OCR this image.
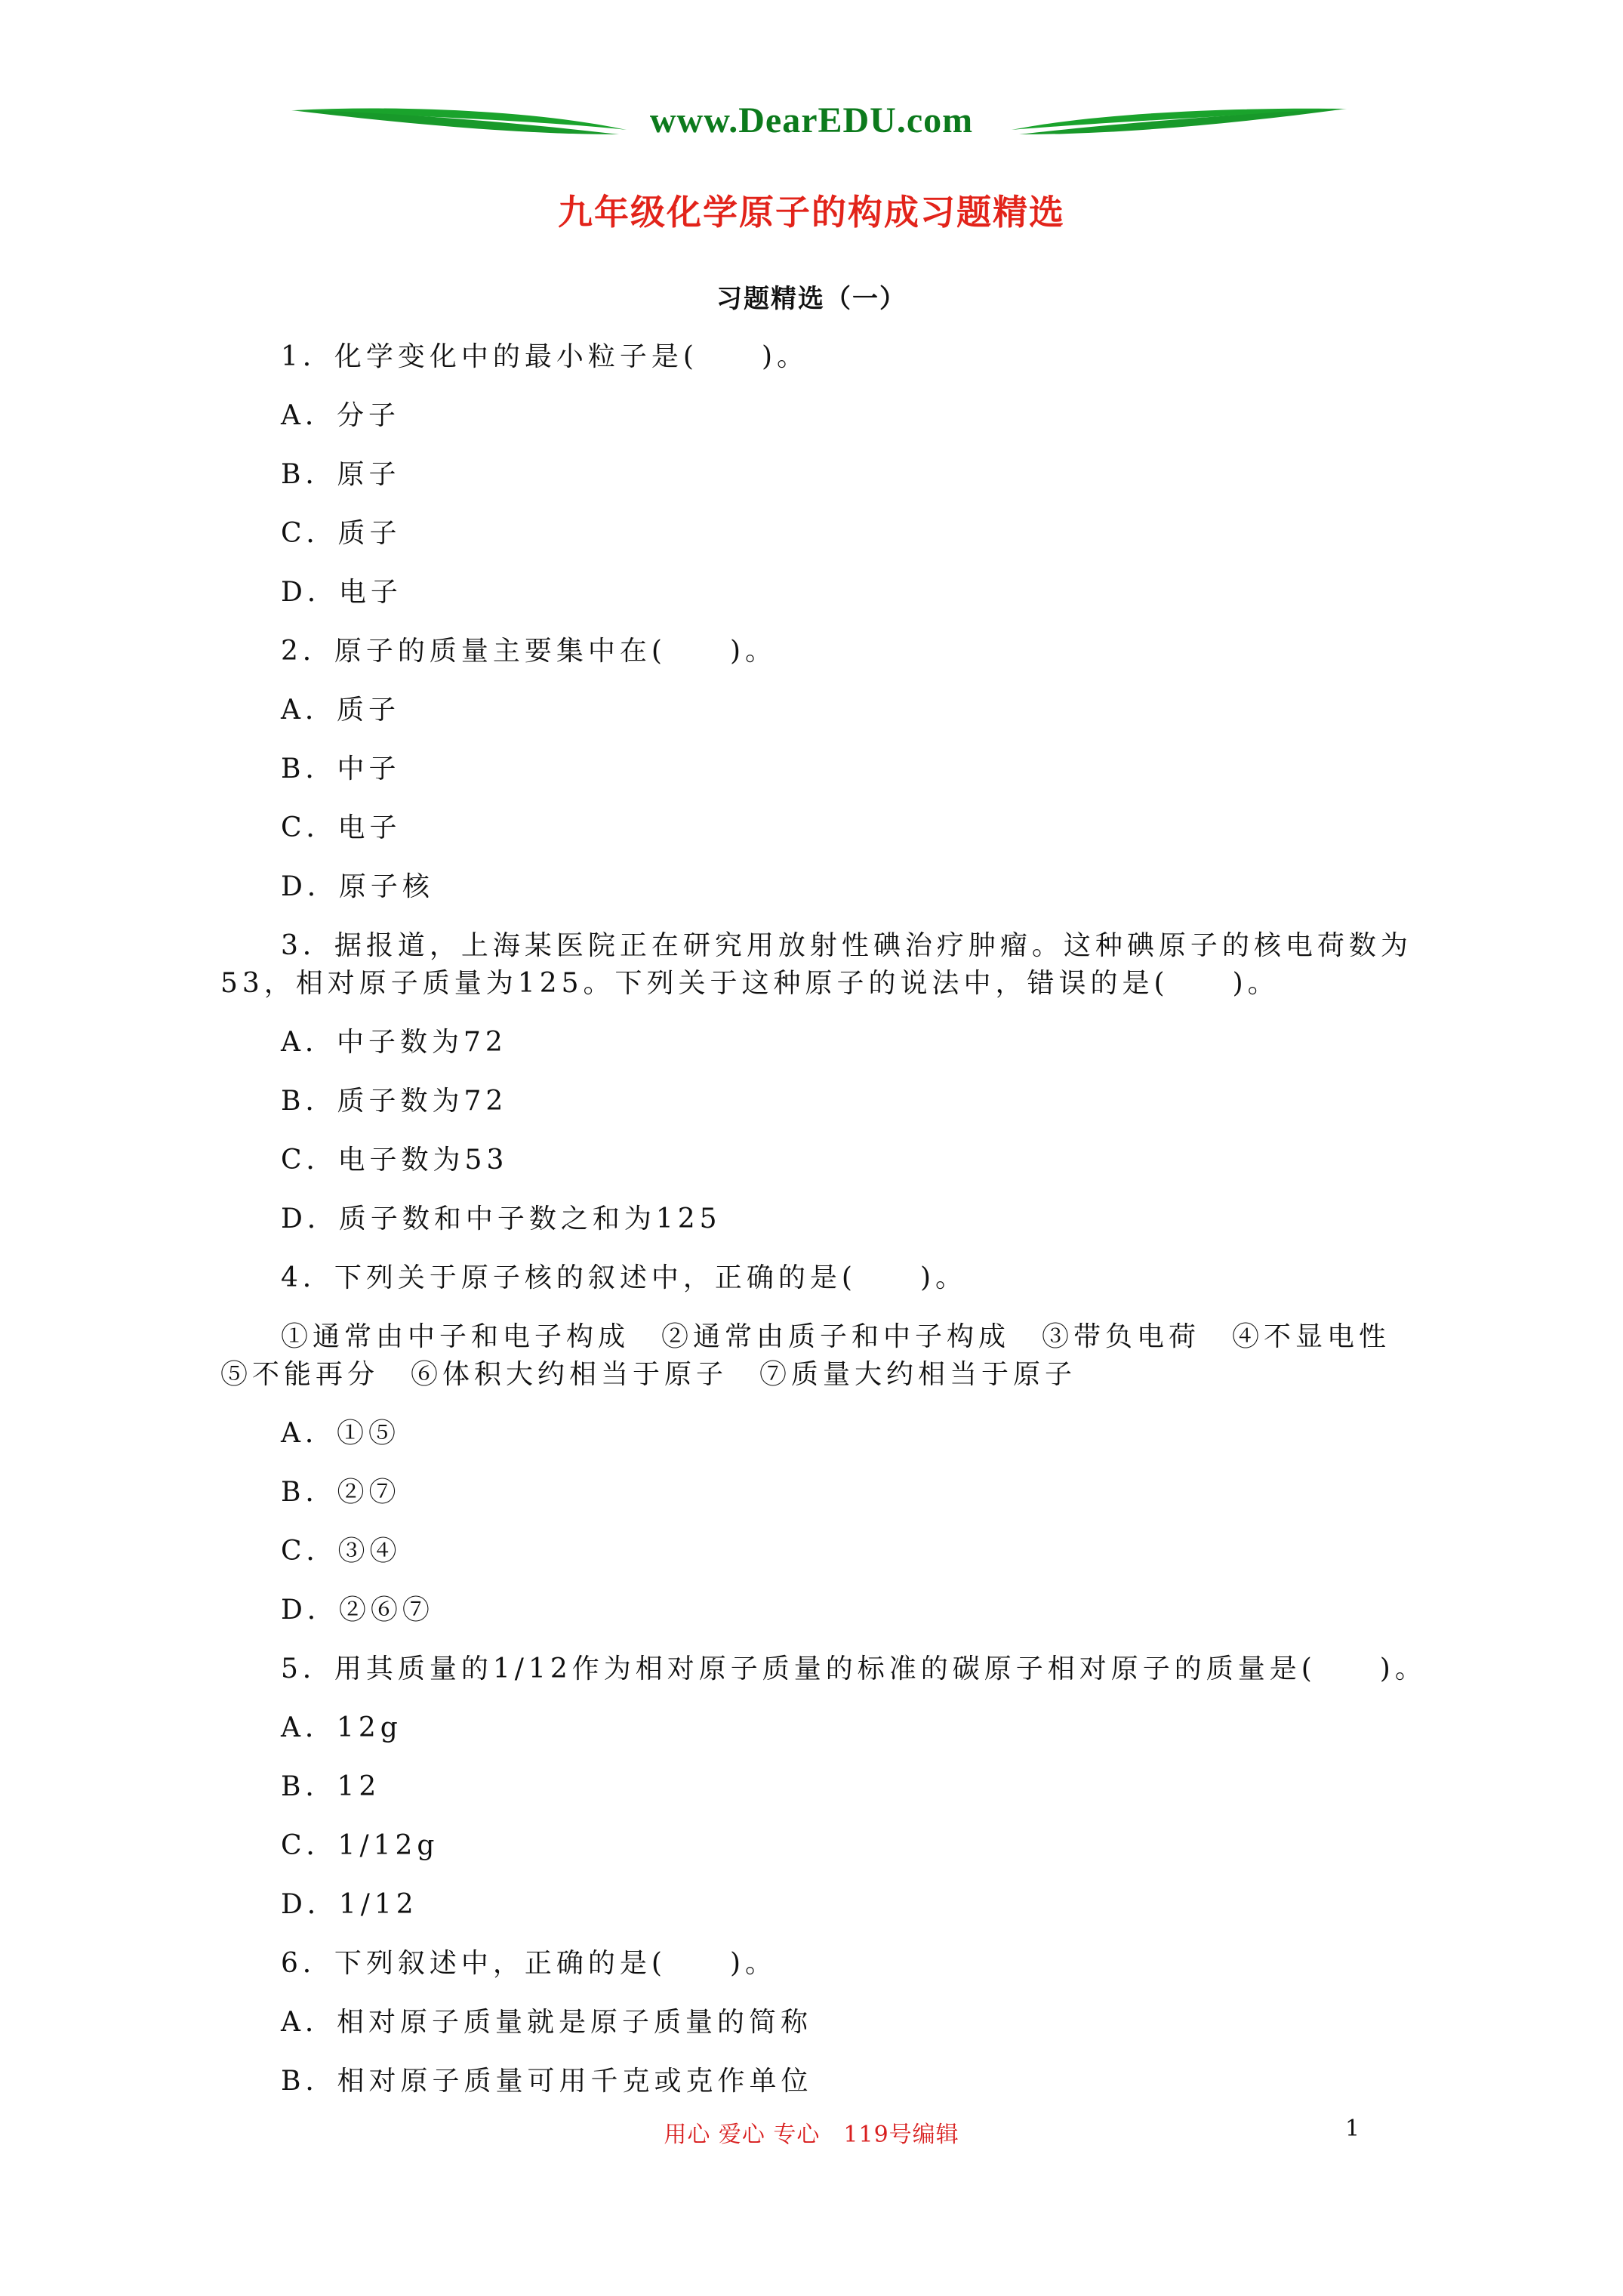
www.DearEDU.com
九年级化学原子的构成习题精选
习题精选（一）
1．化学变化中的最小粒子是(　　)。
A．分子
B．原子
C．质子
D．电子
2．原子的质量主要集中在(　　)。
A．质子
B．中子
C．电子
D．原子核
3．据报道，上海某医院正在研究用放射性碘治疗肿瘤。这种碘原子的核电荷数为53，相对原子质量为125。下列关于这种原子的说法中，错误的是(　　)。
A．中子数为72
B．质子数为72
C．电子数为53
D．质子数和中子数之和为125
4．下列关于原子核的叙述中，正确的是(　　)。
①通常由中子和电子构成　②通常由质子和中子构成　③带负电荷　④不显电性　⑤不能再分　⑥体积大约相当于原子　⑦质量大约相当于原子
A．①⑤
B．②⑦
C．③④
D．②⑥⑦
5．用其质量的1/12作为相对原子质量的标准的碳原子相对原子的质量是(　　)。
A．12g
B．12
C．1/12g
D．1/12
6．下列叙述中，正确的是(　　)。
A．相对原子质量就是原子质量的简称
B．相对原子质量可用千克或克作单位
用心 爱心 专心　119号编辑	1
